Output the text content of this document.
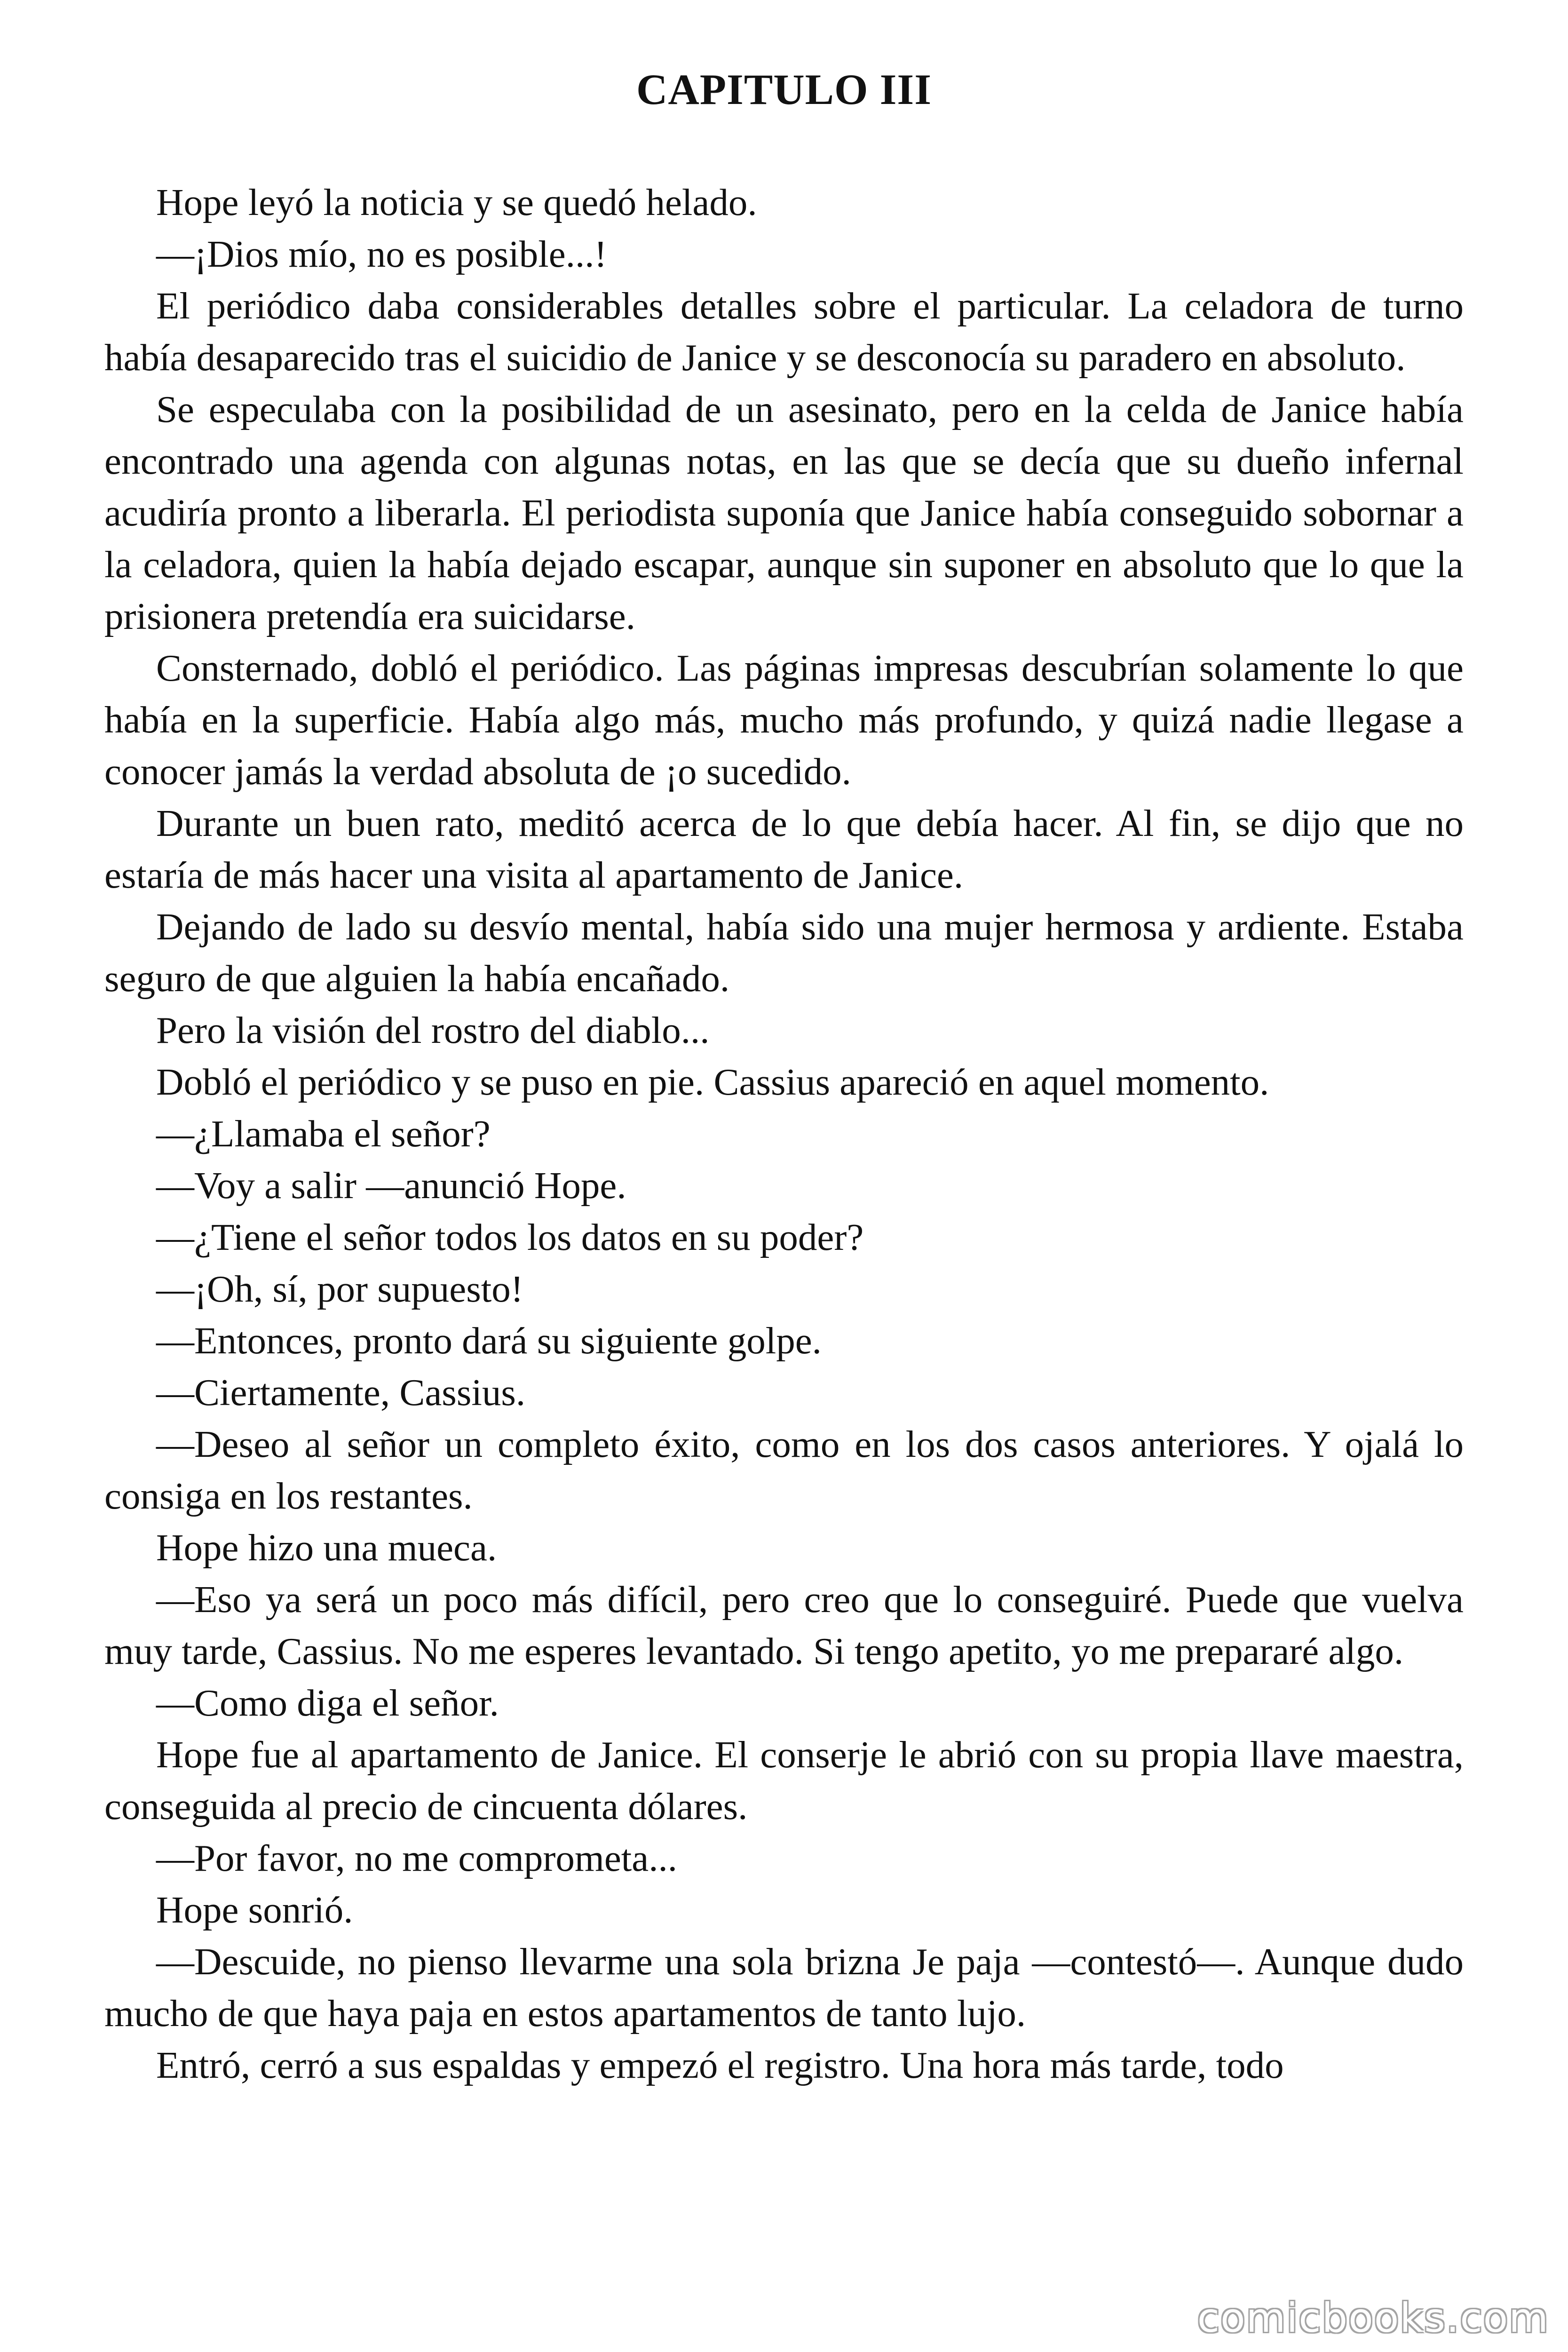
CAPITULO III

Hope leyó la noticia y se quedó helado.

—¡Dios mío, no es posible...!

El periódico daba considerables detalles sobre el particular. La celadora de turno había desaparecido tras el suicidio de Janice y se desconocía su paradero en absoluto.

Se especulaba con la posibilidad de un asesinato, pero en la celda de Janice había encontrado una agenda con algunas notas, en las que se decía que su dueño infernal acudiría pronto a liberarla. El periodista suponía que Janice había conseguido sobornar a la celadora, quien la había dejado escapar, aunque sin suponer en absoluto que lo que la prisionera pretendía era suicidarse.

Consternado, dobló el periódico. Las páginas impresas descubrían solamente lo que había en la superficie. Había algo más, mucho más profundo, y quizá nadie llegase a conocer jamás la verdad absoluta de ¡o sucedido.

Durante un buen rato, meditó acerca de lo que debía hacer. Al fin, se dijo que no estaría de más hacer una visita al apartamento de Janice.

Dejando de lado su desvío mental, había sido una mujer hermosa y ardiente. Estaba seguro de que alguien la había encañado.

Pero la visión del rostro del diablo...

Dobló el periódico y se puso en pie. Cassius apareció en aquel momento.

—¿Llamaba el señor?

—Voy a salir —anunció Hope.

—¿Tiene el señor todos los datos en su poder?

—¡Oh, sí, por supuesto!

—Entonces, pronto dará su siguiente golpe.

—Ciertamente, Cassius.

—Deseo al señor un completo éxito, como en los dos casos anteriores. Y ojalá lo consiga en los restantes.

Hope hizo una mueca.

—Eso ya será un poco más difícil, pero creo que lo conseguiré. Puede que vuelva muy tarde, Cassius. No me esperes levantado. Si tengo apetito, yo me prepararé algo.

—Como diga el señor.

Hope fue al apartamento de Janice. El conserje le abrió con su propia llave maestra, conseguida al precio de cincuenta dólares.

—Por favor, no me comprometa...

Hope sonrió.

—Descuide, no pienso llevarme una sola brizna Je paja —contestó—. Aunque dudo mucho de que haya paja en estos apartamentos de tanto lujo.

Entró, cerró a sus espaldas y empezó el registro. Una hora más tarde, todo

comicbooks.com
